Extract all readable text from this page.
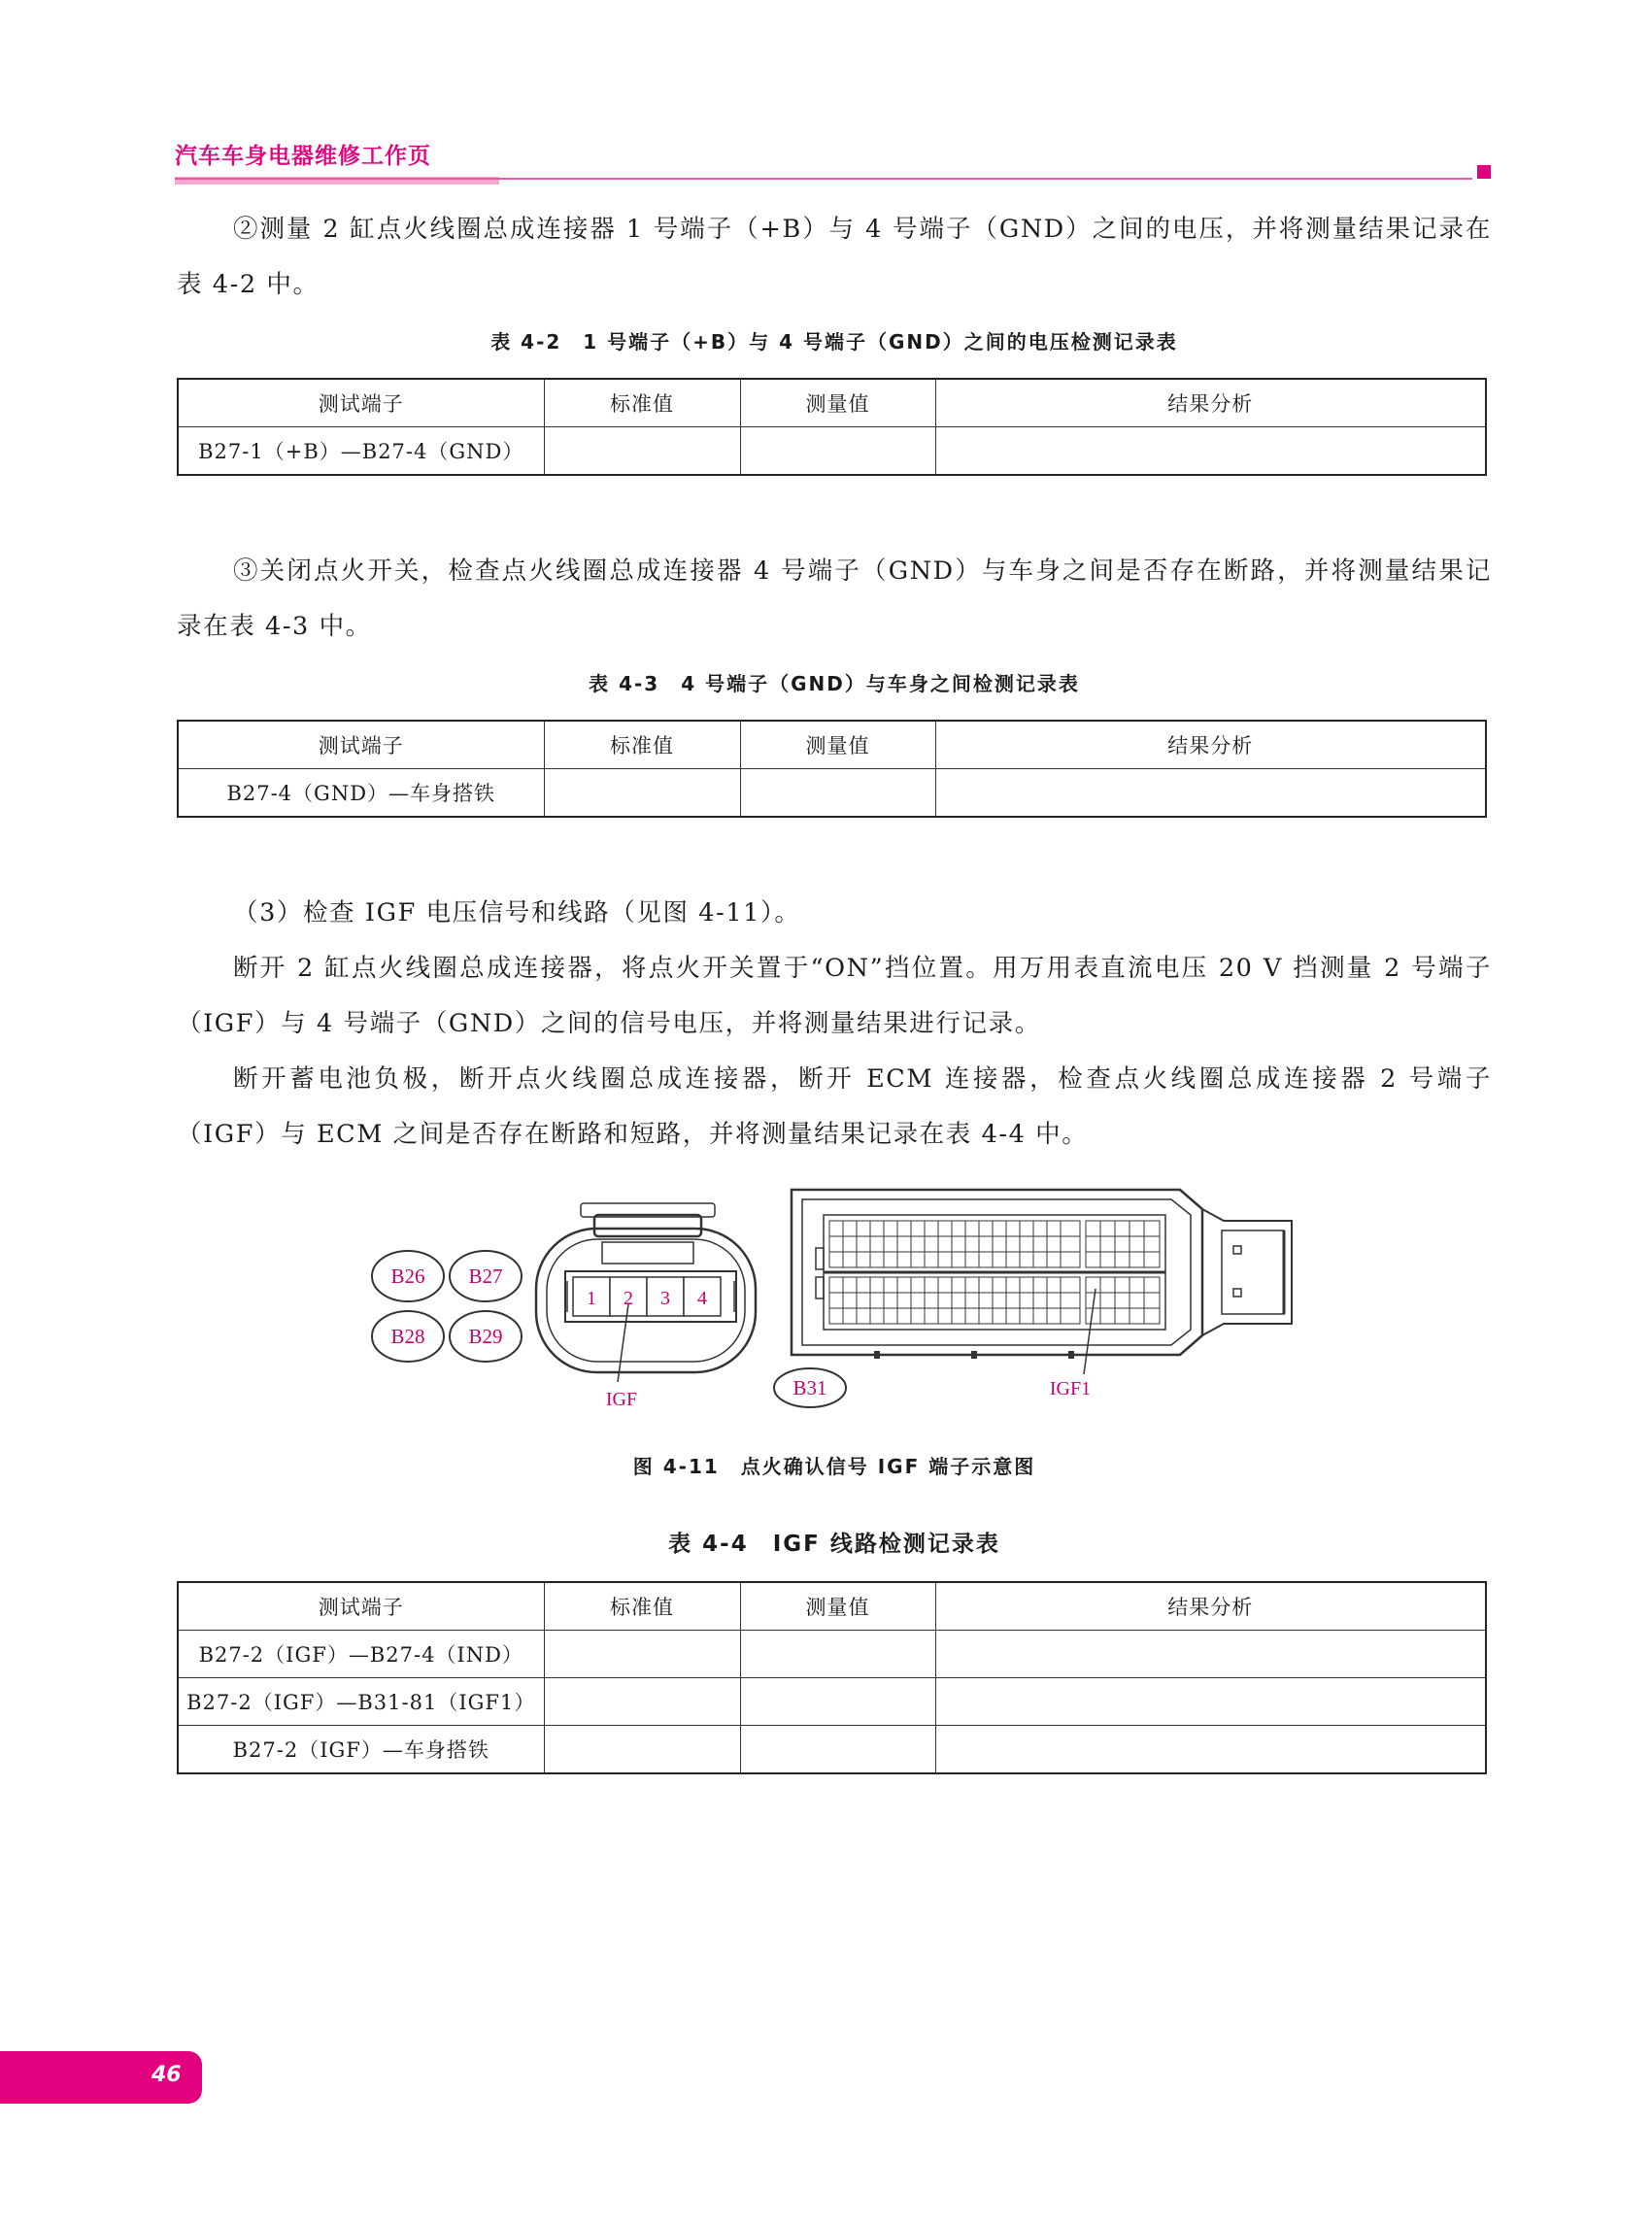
汽车车身电器维修工作页
②测量 2 缸点火线圈总成连接器 1 号端子（+B）与 4 号端子（GND）之间的电压，并将测量结果记录在表 4-2 中。
表 4-2　1 号端子（+B）与 4 号端子（GND）之间的电压检测记录表
测试端子	标准值	测量值	结果分析
B27-1（+B）—B27-4（GND）			
③关闭点火开关，检查点火线圈总成连接器 4 号端子（GND）与车身之间是否存在断路，并将测量结果记录在表 4-3 中。
表 4-3　4 号端子（GND）与车身之间检测记录表
测试端子	标准值	测量值	结果分析
B27-4（GND）—车身搭铁			
（3）检查 IGF 电压信号和线路（见图 4-11）。
断开 2 缸点火线圈总成连接器，将点火开关置于“ON”挡位置。用万用表直流电压 20 V 挡测量 2 号端子（IGF）与 4 号端子（GND）之间的信号电压，并将测量结果进行记录。
断开蓄电池负极，断开点火线圈总成连接器，断开 ECM 连接器，检查点火线圈总成连接器 2 号端子（IGF）与 ECM 之间是否存在断路和短路，并将测量结果记录在表 4-4 中。
B26 B27
B28 B29
B31
1 2 3 4
IGF	IGF1
图 4-11　点火确认信号 IGF 端子示意图
表 4-4　IGF 线路检测记录表
测试端子	标准值	测量值	结果分析
B27-2（IGF）—B27-4（IND）			
B27-2（IGF）—B31-81（IGF1）			
B27-2（IGF）—车身搭铁			
46
